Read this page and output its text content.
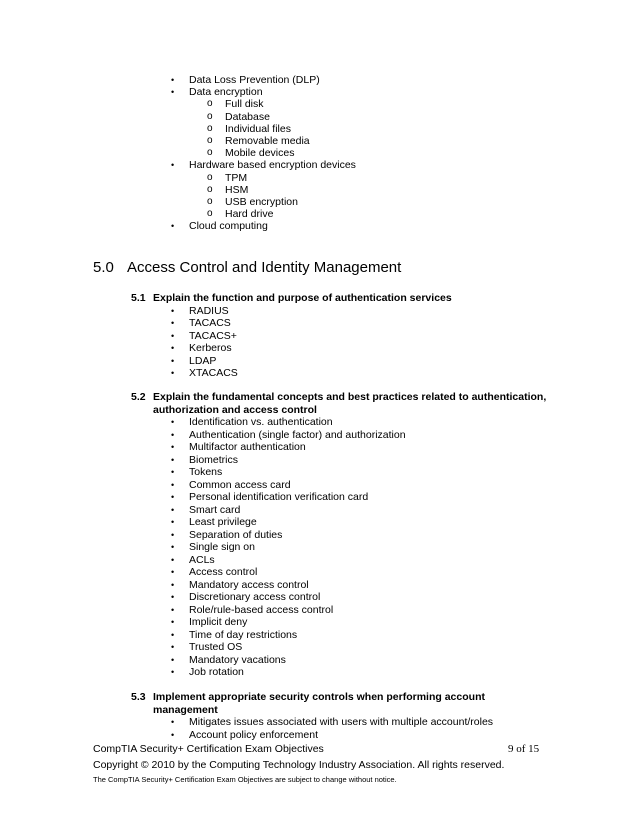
• Data Loss Prevention (DLP)
• Data encryption
o Full disk
o Database
o Individual files
o Removable media
o Mobile devices
• Hardware based encryption devices
o TPM
o HSM
o USB encryption
o Hard drive
• Cloud computing
5.0 Access Control and Identity Management
5.1 Explain the function and purpose of authentication services
• RADIUS
• TACACS
• TACACS+
• Kerberos
• LDAP
• XTACACS
5.2 Explain the fundamental concepts and best practices related to authentication,
authorization and access control
• Identification vs. authentication
• Authentication (single factor) and authorization
• Multifactor authentication
• Biometrics
• Tokens
• Common access card
• Personal identification verification card
• Smart card
• Least privilege
• Separation of duties
• Single sign on
• ACLs
• Access control
• Mandatory access control
• Discretionary access control
• Role/rule-based access control
• Implicit deny
• Time of day restrictions
• Trusted OS
• Mandatory vacations
• Job rotation
5.3 Implement appropriate security controls when performing account
management
• Mitigates issues associated with users with multiple account/roles
• Account policy enforcement
CompTIA Security+ Certification Exam Objectives	9 of 15
Copyright © 2010 by the Computing Technology Industry Association. All rights reserved.
The CompTIA Security+ Certification Exam Objectives are subject to change without notice.
